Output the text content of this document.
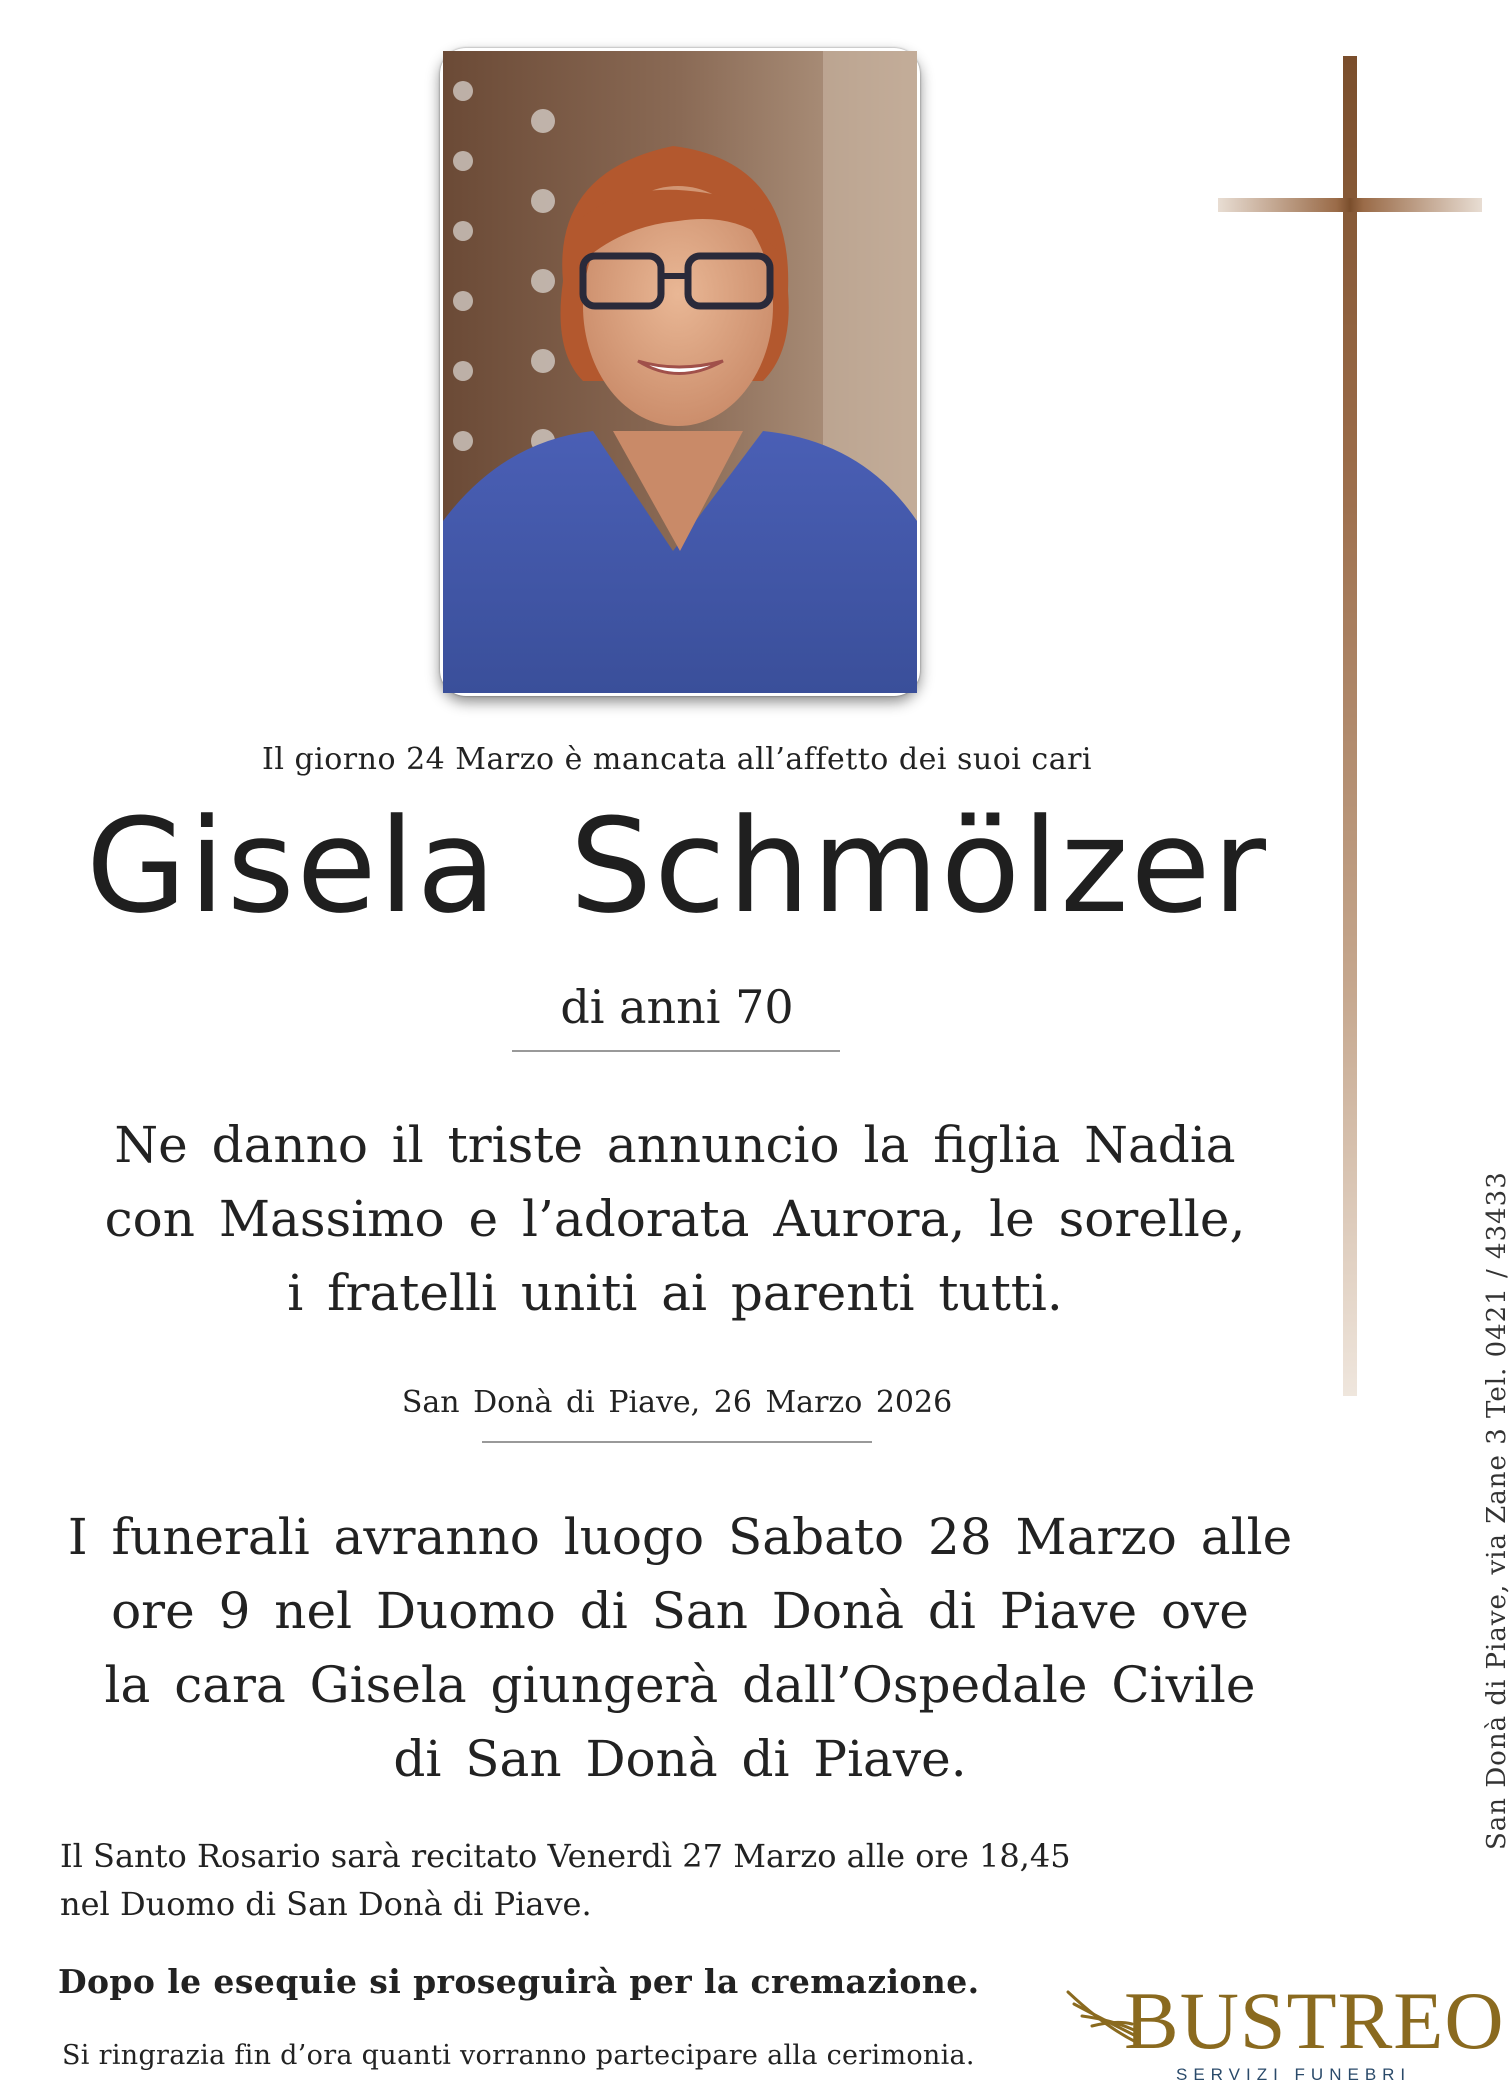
Il giorno 24 Marzo è mancata all’affetto dei suoi cari
Gisela Schmölzer
di anni 70
Ne danno il triste annuncio la figlia Nadia
con Massimo e l’adorata Aurora, le sorelle,
i fratelli uniti ai parenti tutti.
San Donà di Piave, 26 Marzo 2026
I funerali avranno luogo Sabato 28 Marzo alle
ore 9 nel Duomo di San Donà di Piave ove
la cara Gisela giungerà dall’Ospedale Civile
di San Donà di Piave.
Il Santo Rosario sarà recitato Venerdì 27 Marzo alle ore 18,45
nel Duomo di San Donà di Piave.
Dopo le esequie si proseguirà per la cremazione.
Si ringrazia fin d’ora quanti vorranno partecipare alla cerimonia.
San Donà di Piave, via Zane 3 Tel. 0421 / 43433
BUSTREO
SERVIZI FUNEBRI
